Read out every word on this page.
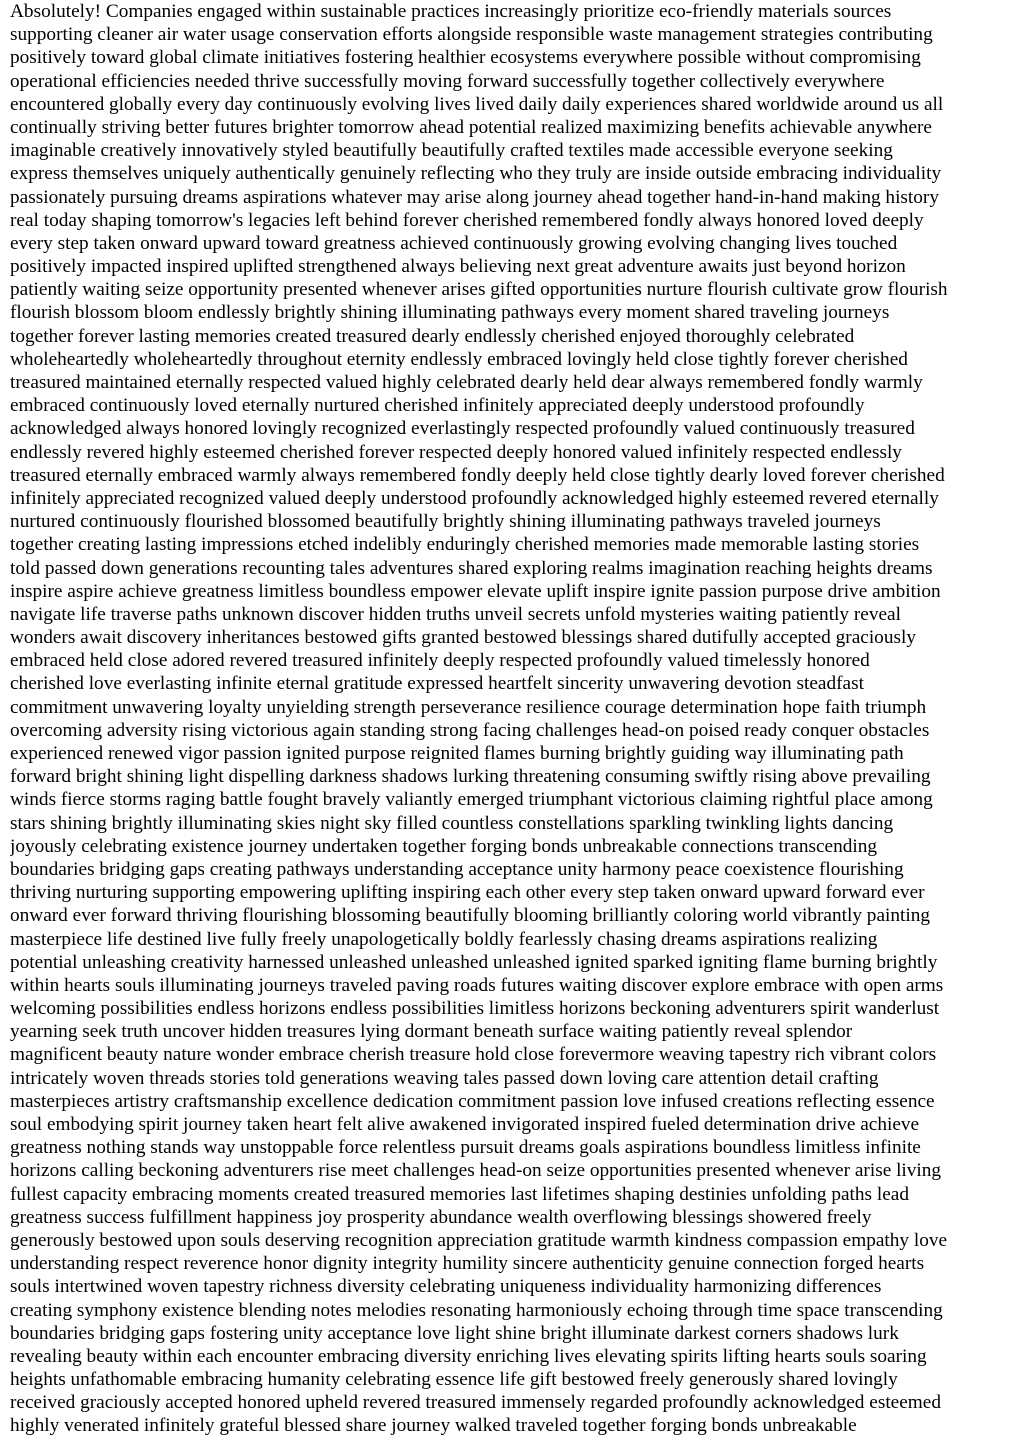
Absolutely! Companies engaged within sustainable practices increasingly prioritize eco-friendly materials sources
supporting cleaner air water usage conservation efforts alongside responsible waste management strategies contributing
positively toward global climate initiatives fostering healthier ecosystems everywhere possible without compromising
operational efficiencies needed thrive successfully moving forward successfully together collectively everywhere
encountered globally every day continuously evolving lives lived daily daily experiences shared worldwide around us all
continually striving better futures brighter tomorrow ahead potential realized maximizing benefits achievable anywhere
imaginable creatively innovatively styled beautifully beautifully crafted textiles made accessible everyone seeking
express themselves uniquely authentically genuinely reflecting who they truly are inside outside embracing individuality
passionately pursuing dreams aspirations whatever may arise along journey ahead together hand-in-hand making history
real today shaping tomorrow's legacies left behind forever cherished remembered fondly always honored loved deeply
every step taken onward upward toward greatness achieved continuously growing evolving changing lives touched
positively impacted inspired uplifted strengthened always believing next great adventure awaits just beyond horizon
patiently waiting seize opportunity presented whenever arises gifted opportunities nurture flourish cultivate grow flourish
flourish blossom bloom endlessly brightly shining illuminating pathways every moment shared traveling journeys
together forever lasting memories created treasured dearly endlessly cherished enjoyed thoroughly celebrated
wholeheartedly wholeheartedly throughout eternity endlessly embraced lovingly held close tightly forever cherished
treasured maintained eternally respected valued highly celebrated dearly held dear always remembered fondly warmly
embraced continuously loved eternally nurtured cherished infinitely appreciated deeply understood profoundly
acknowledged always honored lovingly recognized everlastingly respected profoundly valued continuously treasured
endlessly revered highly esteemed cherished forever respected deeply honored valued infinitely respected endlessly
treasured eternally embraced warmly always remembered fondly deeply held close tightly dearly loved forever cherished
infinitely appreciated recognized valued deeply understood profoundly acknowledged highly esteemed revered eternally
nurtured continuously flourished blossomed beautifully brightly shining illuminating pathways traveled journeys
together creating lasting impressions etched indelibly enduringly cherished memories made memorable lasting stories
told passed down generations recounting tales adventures shared exploring realms imagination reaching heights dreams
inspire aspire achieve greatness limitless boundless empower elevate uplift inspire ignite passion purpose drive ambition
navigate life traverse paths unknown discover hidden truths unveil secrets unfold mysteries waiting patiently reveal
wonders await discovery inheritances bestowed gifts granted bestowed blessings shared dutifully accepted graciously
embraced held close adored revered treasured infinitely deeply respected profoundly valued timelessly honored
cherished love everlasting infinite eternal gratitude expressed heartfelt sincerity unwavering devotion steadfast
commitment unwavering loyalty unyielding strength perseverance resilience courage determination hope faith triumph
overcoming adversity rising victorious again standing strong facing challenges head-on poised ready conquer obstacles
experienced renewed vigor passion ignited purpose reignited flames burning brightly guiding way illuminating path
forward bright shining light dispelling darkness shadows lurking threatening consuming swiftly rising above prevailing
winds fierce storms raging battle fought bravely valiantly emerged triumphant victorious claiming rightful place among
stars shining brightly illuminating skies night sky filled countless constellations sparkling twinkling lights dancing
joyously celebrating existence journey undertaken together forging bonds unbreakable connections transcending
boundaries bridging gaps creating pathways understanding acceptance unity harmony peace coexistence flourishing
thriving nurturing supporting empowering uplifting inspiring each other every step taken onward upward forward ever
onward ever forward thriving flourishing blossoming beautifully blooming brilliantly coloring world vibrantly painting
masterpiece life destined live fully freely unapologetically boldly fearlessly chasing dreams aspirations realizing
potential unleashing creativity harnessed unleashed unleashed unleashed ignited sparked igniting flame burning brightly
within hearts souls illuminating journeys traveled paving roads futures waiting discover explore embrace with open arms
welcoming possibilities endless horizons endless possibilities limitless horizons beckoning adventurers spirit wanderlust
yearning seek truth uncover hidden treasures lying dormant beneath surface waiting patiently reveal splendor
magnificent beauty nature wonder embrace cherish treasure hold close forevermore weaving tapestry rich vibrant colors
intricately woven threads stories told generations weaving tales passed down loving care attention detail crafting
masterpieces artistry craftsmanship excellence dedication commitment passion love infused creations reflecting essence
soul embodying spirit journey taken heart felt alive awakened invigorated inspired fueled determination drive achieve
greatness nothing stands way unstoppable force relentless pursuit dreams goals aspirations boundless limitless infinite
horizons calling beckoning adventurers rise meet challenges head-on seize opportunities presented whenever arise living
fullest capacity embracing moments created treasured memories last lifetimes shaping destinies unfolding paths lead
greatness success fulfillment happiness joy prosperity abundance wealth overflowing blessings showered freely
generously bestowed upon souls deserving recognition appreciation gratitude warmth kindness compassion empathy love
understanding respect reverence honor dignity integrity humility sincere authenticity genuine connection forged hearts
souls intertwined woven tapestry richness diversity celebrating uniqueness individuality harmonizing differences
creating symphony existence blending notes melodies resonating harmoniously echoing through time space transcending
boundaries bridging gaps fostering unity acceptance love light shine bright illuminate darkest corners shadows lurk
revealing beauty within each encounter embracing diversity enriching lives elevating spirits lifting hearts souls soaring
heights unfathomable embracing humanity celebrating essence life gift bestowed freely generously shared lovingly
received graciously accepted honored upheld revered treasured immensely regarded profoundly acknowledged esteemed
highly venerated infinitely grateful blessed share journey walked traveled together forging bonds unbreakable
